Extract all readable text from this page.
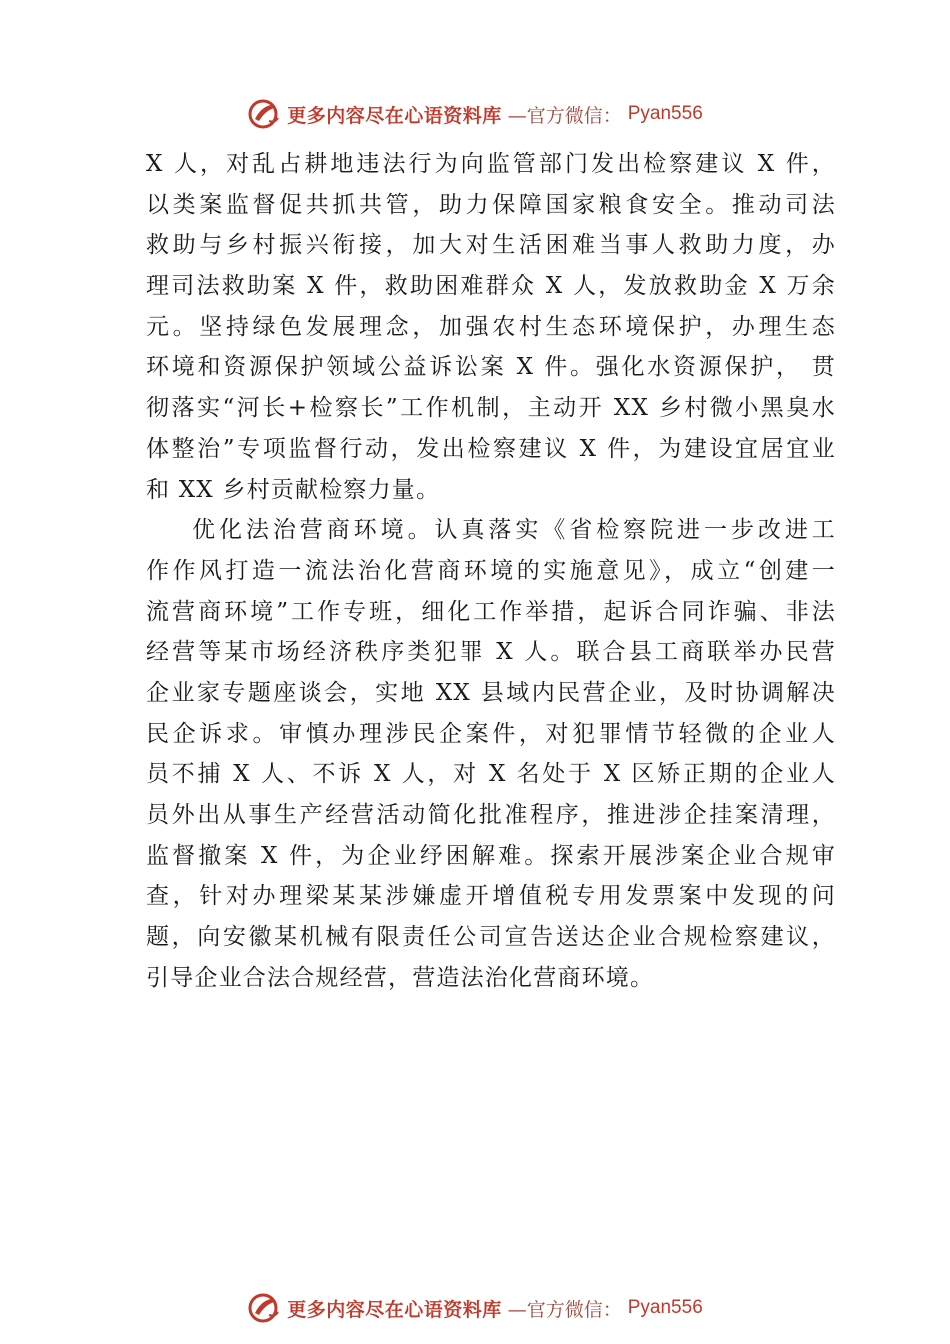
更多内容尽在心语资料库 —官方微信： Pyan556
X 人，对乱占耕地违法行为向监管部门发出检察建议 X 件，
以类案监督促共抓共管，助力保障国家粮食安全。推动司法
救助与乡村振兴衔接，加大对生活困难当事人救助力度，办
理司法救助案 X 件，救助困难群众 X 人，发放救助金 X 万余
元。坚持绿色发展理念，加强农村生态环境保护，办理生态
环境和资源保护领域公益诉讼案 X 件。强化水资源保护， 贯
彻落实“河长+检察长”工作机制，主动开 XX 乡村微小黑臭水
体整治”专项监督行动，发出检察建议 X 件，为建设宜居宜业
和 XX 乡村贡献检察力量。
优化法治营商环境。认真落实《省检察院进一步改进工
作作风打造一流法治化营商环境的实施意见》，成立“创建一
流营商环境”工作专班，细化工作举措，起诉合同诈骗、非法
经营等某市场经济秩序类犯罪 X 人。联合县工商联举办民营
企业家专题座谈会，实地 XX 县域内民营企业，及时协调解决
民企诉求。审慎办理涉民企案件，对犯罪情节轻微的企业人
员不捕 X 人、不诉 X 人，对 X 名处于 X 区矫正期的企业人
员外出从事生产经营活动简化批准程序，推进涉企挂案清理，
监督撤案 X 件，为企业纾困解难。探索开展涉案企业合规审
查，针对办理梁某某涉嫌虚开增值税专用发票案中发现的问
题，向安徽某机械有限责任公司宣告送达企业合规检察建议，
引导企业合法合规经营，营造法治化营商环境。
更多内容尽在心语资料库 —官方微信： Pyan556
